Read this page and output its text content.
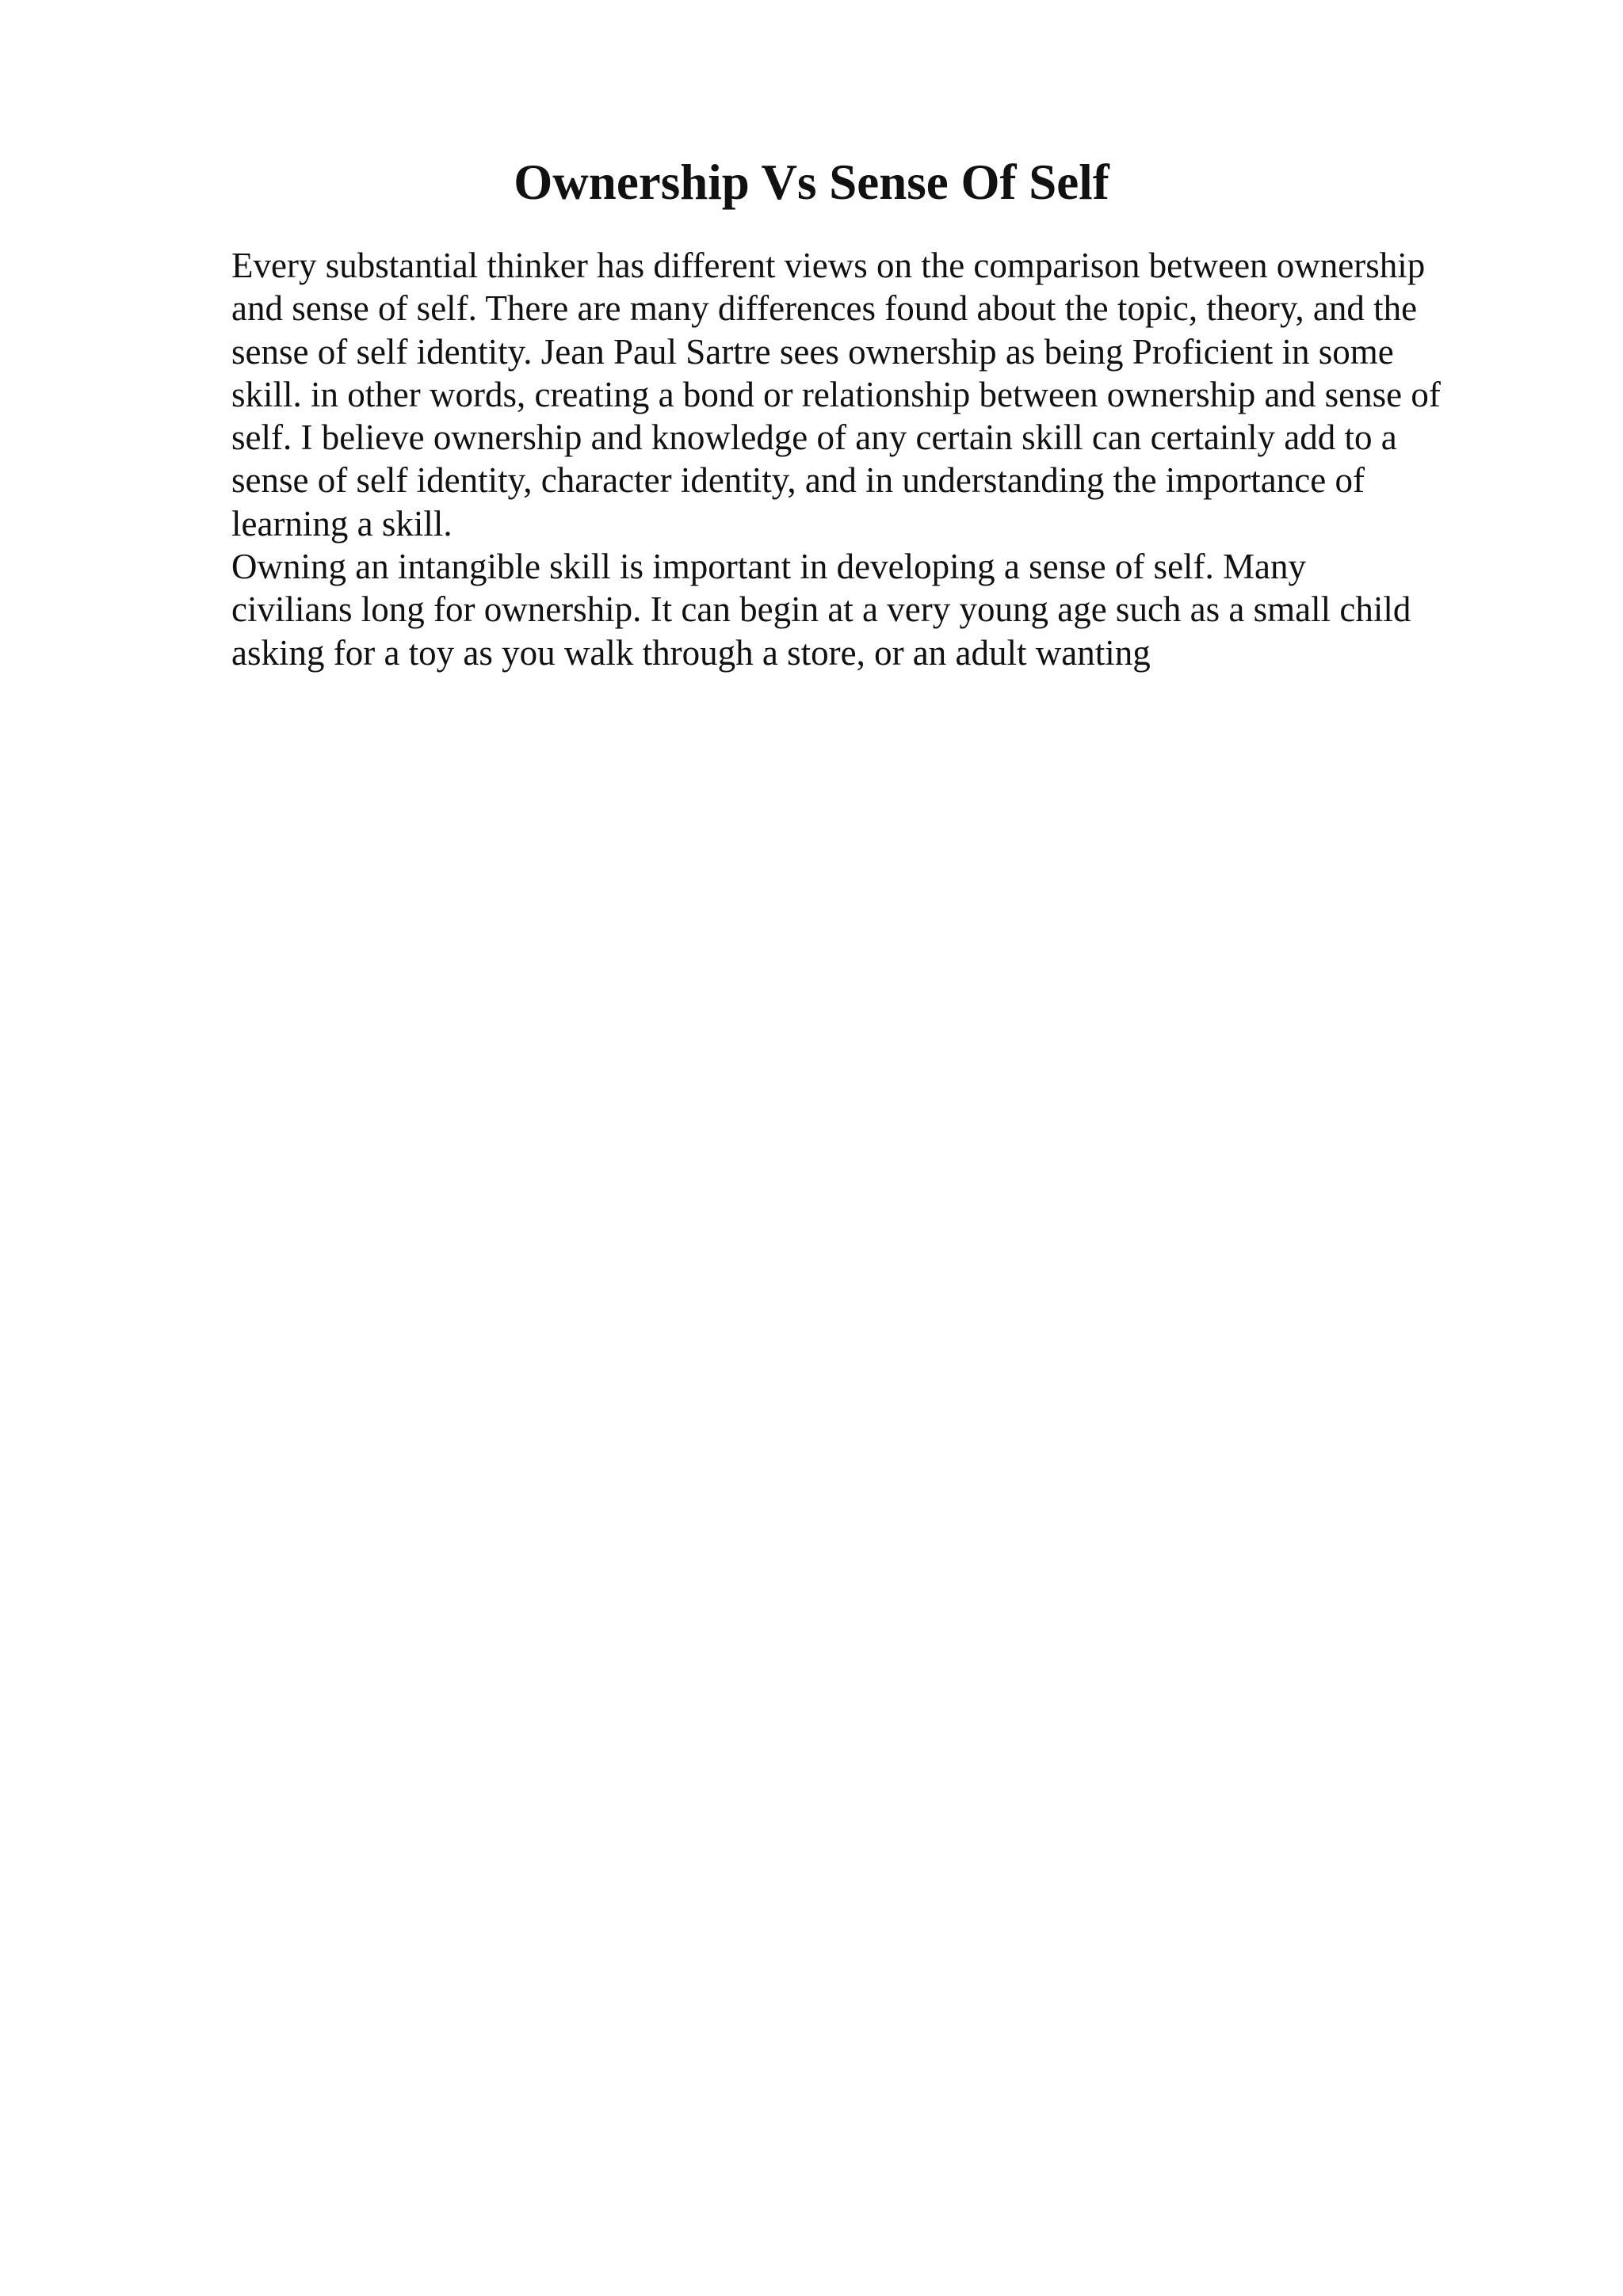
Ownership Vs Sense Of Self
Every substantial thinker has different views on the comparison between ownership
and sense of self. There are many differences found about the topic, theory, and the
sense of self identity. Jean Paul Sartre sees ownership as being Proficient in some
skill. in other words, creating a bond or relationship between ownership and sense of
self. I believe ownership and knowledge of any certain skill can certainly add to a
sense of self identity, character identity, and in understanding the importance of
learning a skill.
Owning an intangible skill is important in developing a sense of self. Many
civilians long for ownership. It can begin at a very young age such as a small child
asking for a toy as you walk through a store, or an adult wanting
